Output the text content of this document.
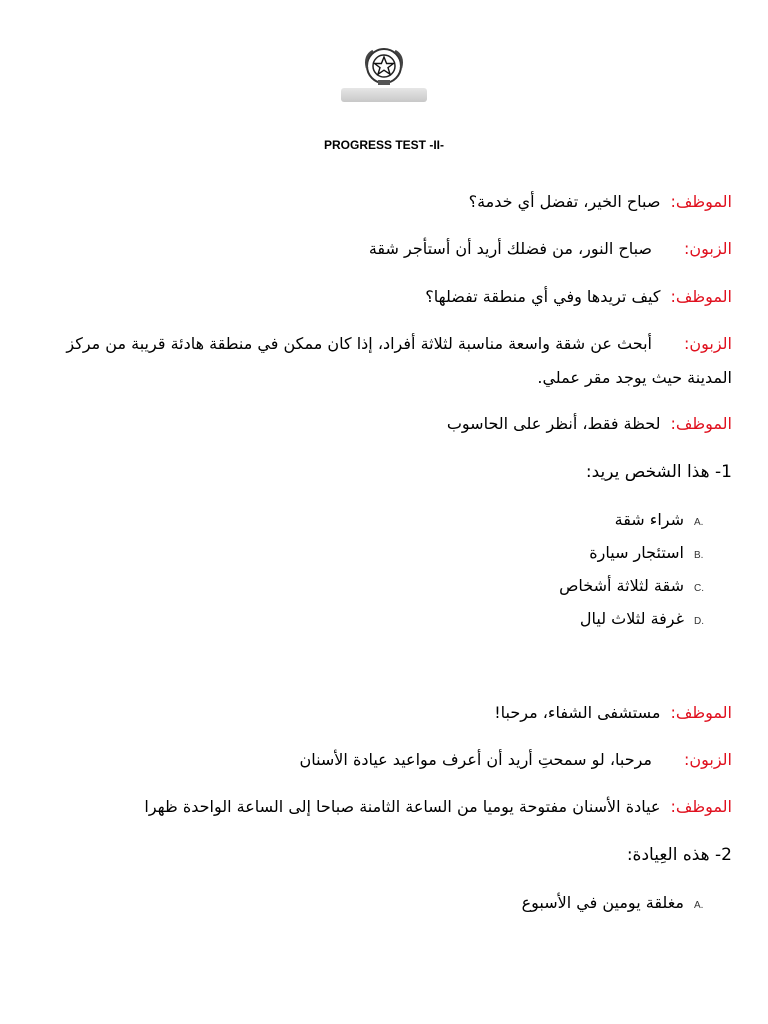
PROGRESS TEST -II-
الموظف:صباح الخير، تفضل أي خدمة؟
الزبون:صباح النور، من فضلك أريد أن أستأجر شقة
الموظف:كيف تريدها وفي أي منطقة تفضلها؟
الزبون:أبحث عن شقة واسعة مناسبة لثلاثة أفراد، إذا كان ممكن في منطقة هادئة قريبة من مركز المدينة حيث يوجد مقر عملي.
الموظف:لحظة فقط، أنظر على الحاسوب
1- هذا الشخص يريد:
A.شراء شقة
B.استئجار سيارة
C.شقة لثلاثة أشخاص
D.غرفة لثلاث ليال
الموظف:مستشفى الشفاء، مرحبا!
الزبون:مرحبا، لو سمحتِ أريد أن أعرف مواعيد عيادة الأسنان
الموظف:عيادة الأسنان مفتوحة يوميا من الساعة الثامنة صباحا إلى الساعة الواحدة ظهرا
2- هذه العِيادة:
A.مغلقة يومين في الأسبوع
